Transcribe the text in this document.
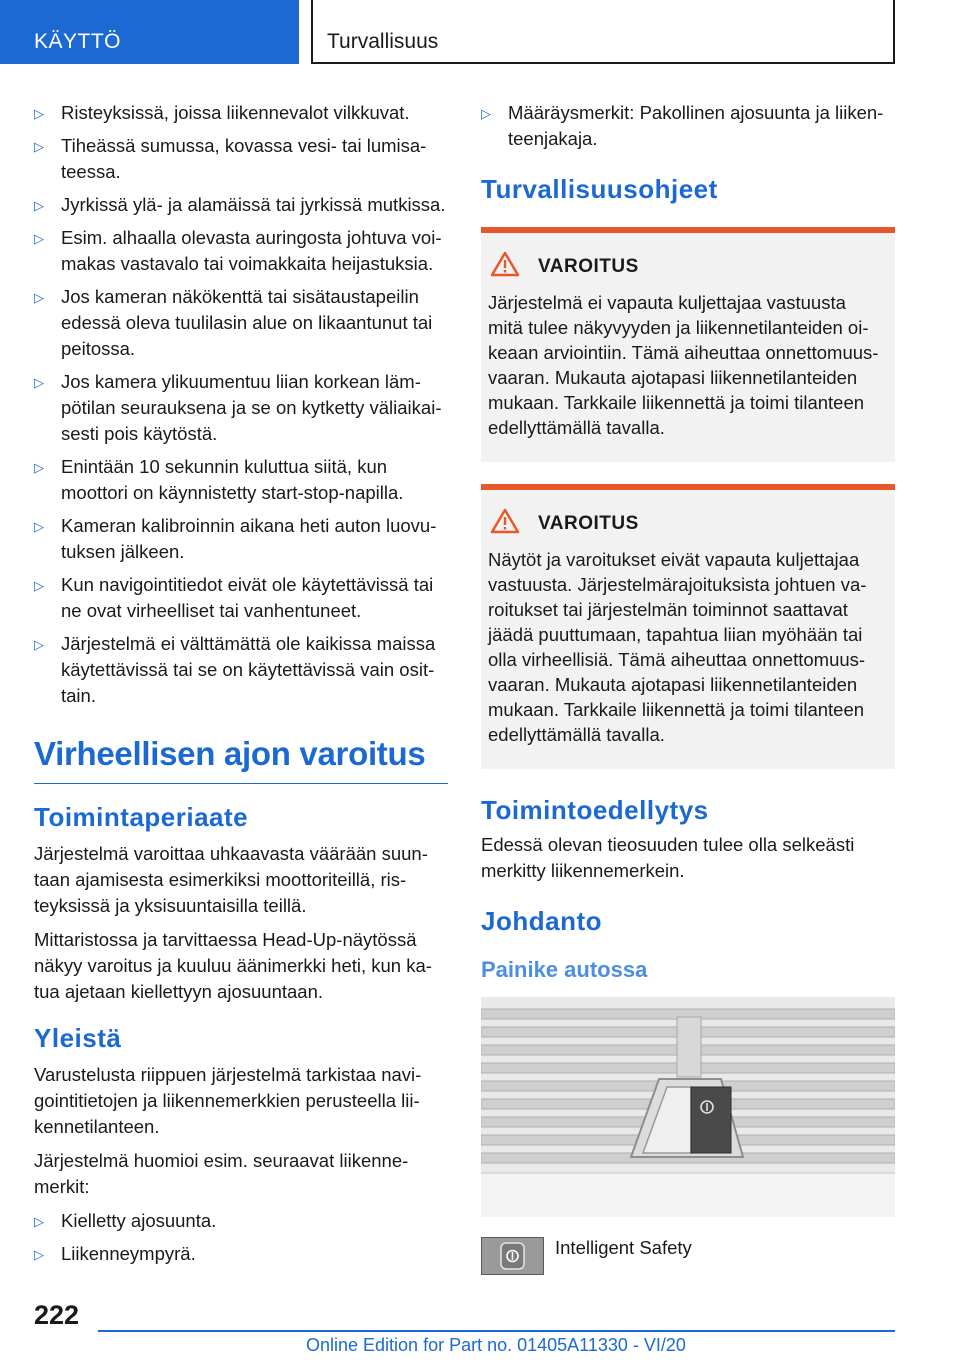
KÄYTTÖ	Turvallisuus
▷ Risteyksissä, joissa liikennevalot vilkkuvat.
▷ Tiheässä sumussa, kovassa vesi- tai lumisa-teessa.
▷ Jyrkissä ylä- ja alamäissä tai jyrkissä mutkissa.
▷ Esim. alhaalla olevasta auringosta johtuva voi-makas vastavalo tai voimakkaita heijastuksia.
▷ Jos kameran näkökenttä tai sisätaustapeilin edessä oleva tuulilasin alue on likaantunut tai peitossa.
▷ Jos kamera ylikuumentuu liian korkean läm-pötilan seurauksena ja se on kytketty väliaikai-sesti pois käytöstä.
▷ Enintään 10 sekunnin kuluttua siitä, kun moottori on käynnistetty start-stop-napilla.
▷ Kameran kalibroinnin aikana heti auton luovu-tuksen jälkeen.
▷ Kun navigointitiedot eivät ole käytettävissä tai ne ovat virheelliset tai vanhentuneet.
▷ Järjestelmä ei välttämättä ole kaikissa maissa käytettävissä tai se on käytettävissä vain osit-tain.
Virheellisen ajon varoitus
Toimintaperiaate

Järjestelmä varoittaa uhkaavasta väärään suun-taan ajamisesta esimerkiksi moottoriteillä, ris-teyksissä ja yksisuuntaisilla teillä.

Mittaristossa ja tarvittaessa Head-Up-näytössä näkyy varoitus ja kuuluu äänimerkki heti, kun ka-tua ajetaan kiellettyyn ajosuuntaan.

Yleistä

Varustelusta riippuen järjestelmä tarkistaa navi-gointitietojen ja liikennemerkkien perusteella lii-kennetilanteen.

Järjestelmä huomioi esim. seuraavat liikenne-merkit:

▷ Kielletty ajosuunta.
▷ Liikenneympyrä.
▷ Määräysmerkit: Pakollinen ajosuunta ja liiken-teenjakaja.
Turvallisuusohjeet
VAROITUS
Järjestelmä ei vapauta kuljettajaa vastuusta mitä tulee näkyvyyden ja liikennetilanteiden oi-keaan arviointiin. Tämä aiheuttaa onnettomuus-vaaran. Mukauta ajotapasi liikennetilanteiden mukaan. Tarkkaile liikennettä ja toimi tilanteen edellyttämällä tavalla.
VAROITUS
Näytöt ja varoitukset eivät vapauta kuljettajaa vastuusta. Järjestelmärajoituksista johtuen va-roitukset tai järjestelmän toiminnot saattavat jäädä puuttumaan, tapahtua liian myöhään tai olla virheellisiä. Tämä aiheuttaa onnettomuus-vaaran. Mukauta ajotapasi liikennetilanteiden mukaan. Tarkkaile liikennettä ja toimi tilanteen edellyttämällä tavalla.
Toimintoedellytys

Edessä olevan tieosuuden tulee olla selkeästi merkitty liikennemerkein.

Johdanto
Painike autossa
Intelligent Safety
222
Online Edition for Part no. 01405A11330 - VI/20
